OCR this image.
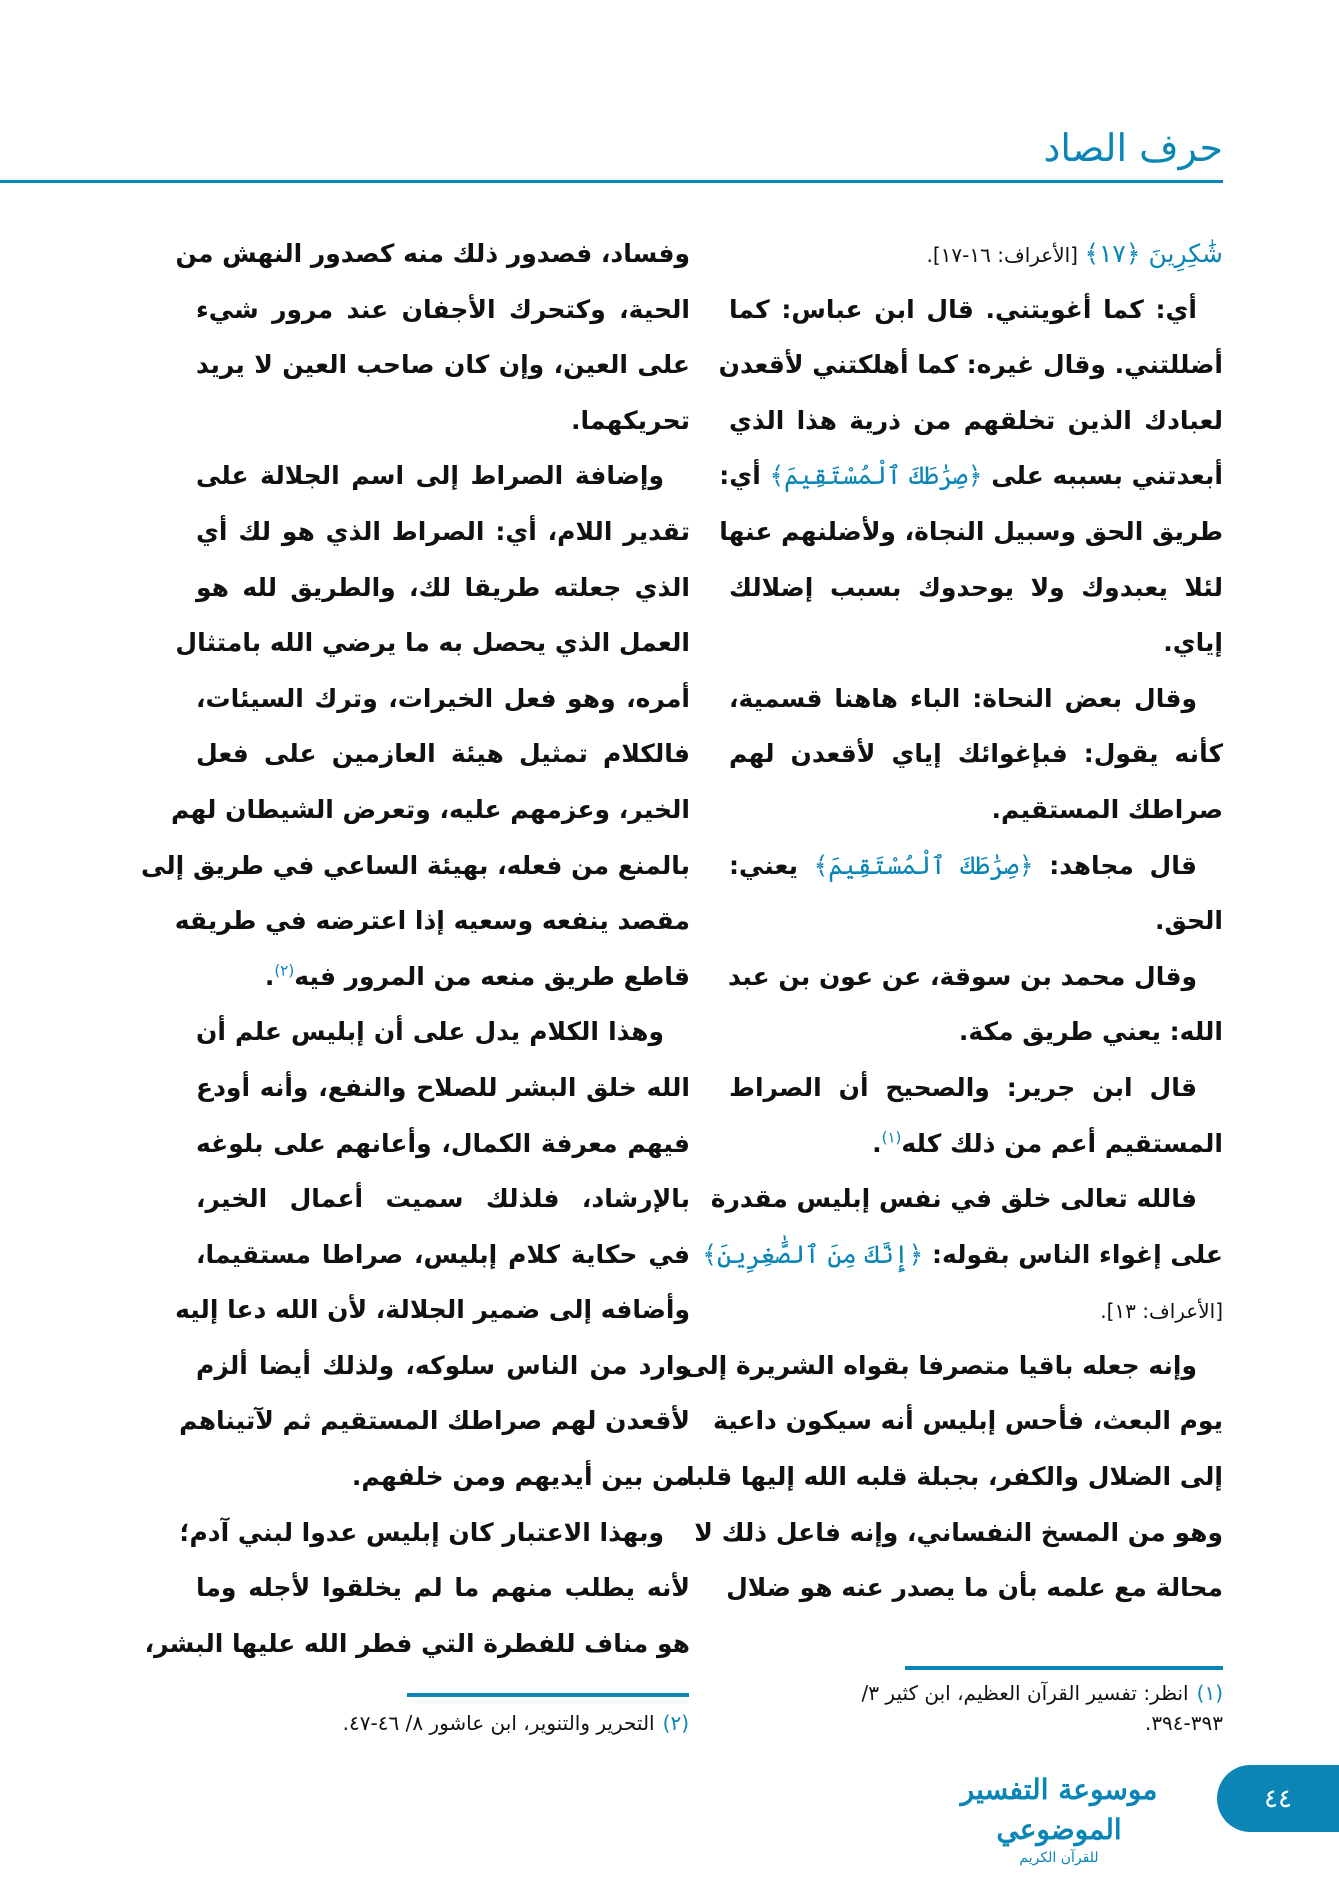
حرف الصاد
شَٰكِرِينَ ﴿١٧﴾ [الأعراف: ١٦-١٧].
أي: كما أغويتني. قال ابن عباس: كما
أضللتني. وقال غيره: كما أهلكتني لأقعدن
لعبادك الذين تخلقهم من ذرية هذا الذي
أبعدتني بسببه على ﴿صِرَٰطَكَ ٱلْمُسْتَقِيمَ﴾ أي:
طريق الحق وسبيل النجاة، ولأضلنهم عنها
لئلا يعبدوك ولا يوحدوك بسبب إضلالك
إياي.
وقال بعض النحاة: الباء هاهنا قسمية،
كأنه يقول: فبإغوائك إياي لأقعدن لهم
صراطك المستقيم.
قال مجاهد: ﴿صِرَٰطَكَ ٱلْمُسْتَقِيمَ﴾ يعني:
الحق.
وقال محمد بن سوقة، عن عون بن عبد
الله: يعني طريق مكة.
قال ابن جرير: والصحيح أن الصراط
المستقيم أعم من ذلك كله$^{(١)}$.
فالله تعالى خلق في نفس إبليس مقدرة
على إغواء الناس بقوله: ﴿إِنَّكَ مِنَ ٱلصَّٰغِرِينَ﴾
[الأعراف: ١٣].
وإنه جعله باقيا متصرفا بقواه الشريرة إلى
يوم البعث، فأحس إبليس أنه سيكون داعية
إلى الضلال والكفر، بجبلة قلبه الله إليها قلبا
وهو من المسخ النفساني، وإنه فاعل ذلك لا
محالة مع علمه بأن ما يصدر عنه هو ضلال
وفساد، فصدور ذلك منه كصدور النهش من
الحية، وكتحرك الأجفان عند مرور شيء
على العين، وإن كان صاحب العين لا يريد
تحريكهما.
وإضافة الصراط إلى اسم الجلالة على
تقدير اللام، أي: الصراط الذي هو لك أي
الذي جعلته طريقا لك، والطريق لله هو
العمل الذي يحصل به ما يرضي الله بامتثال
أمره، وهو فعل الخيرات، وترك السيئات،
فالكلام تمثيل هيئة العازمين على فعل
الخير، وعزمهم عليه، وتعرض الشيطان لهم
بالمنع من فعله، بهيئة الساعي في طريق إلى
مقصد ينفعه وسعيه إذا اعترضه في طريقه
قاطع طريق منعه من المرور فيه$^{(٢)}$.
وهذا الكلام يدل على أن إبليس علم أن
الله خلق البشر للصلاح والنفع، وأنه أودع
فيهم معرفة الكمال، وأعانهم على بلوغه
بالإرشاد، فلذلك سميت أعمال الخير،
في حكاية كلام إبليس، صراطا مستقيما،
وأضافه إلى ضمير الجلالة، لأن الله دعا إليه
وارد من الناس سلوكه، ولذلك أيضا ألزم
لأقعدن لهم صراطك المستقيم ثم لآتيناهم
من بين أيديهم ومن خلفهم.
وبهذا الاعتبار كان إبليس عدوا لبني آدم؛
لأنه يطلب منهم ما لم يخلقوا لأجله وما
هو مناف للفطرة التي فطر الله عليها البشر،
(١)انظر: تفسير القرآن العظيم، ابن كثير ٣/ ٣٩٣-٣٩٤.
(٢)التحرير والتنوير، ابن عاشور ٨/ ٤٦-٤٧.
موسوعة التفسير الموضوعي
للقرآن الكريم
٤٤
